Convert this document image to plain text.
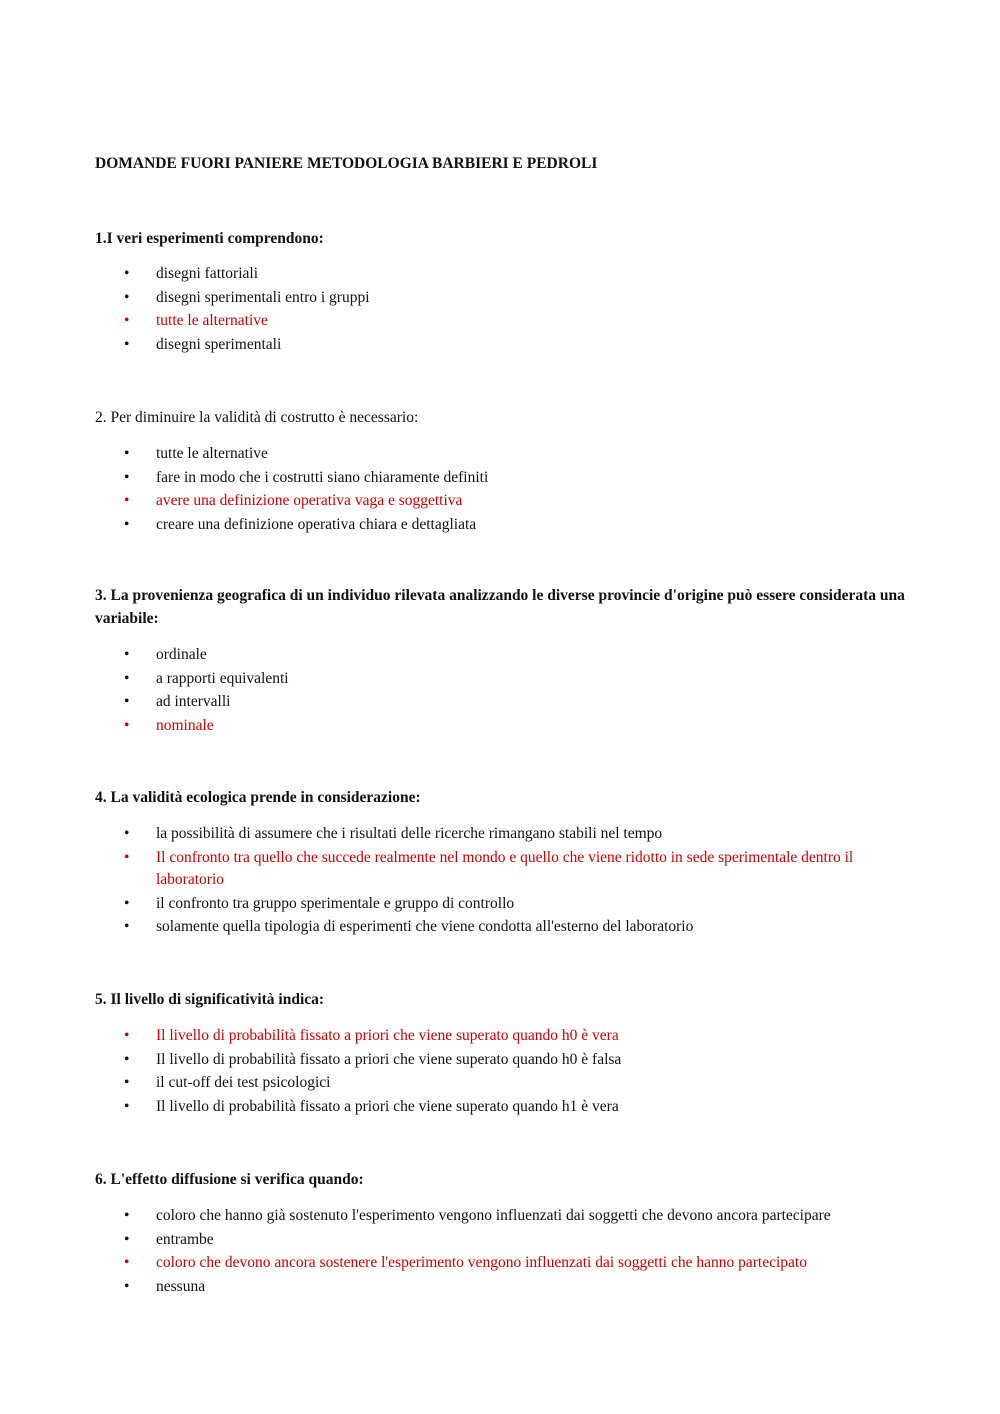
DOMANDE FUORI PANIERE METODOLOGIA BARBIERI E PEDROLI

1.I veri esperimenti comprendono:

• disegni fattoriali
• disegni sperimentali entro i gruppi
• tutte le alternative
• disegni sperimentali

2. Per diminuire la validità di costrutto è necessario:

• tutte le alternative
• fare in modo che i costrutti siano chiaramente definiti
• avere una definizione operativa vaga e soggettiva
• creare una definizione operativa chiara e dettagliata

3. La provenienza geografica di un individuo rilevata analizzando le diverse provincie d'origine può essere considerata una variabile:

• ordinale
• a rapporti equivalenti
• ad intervalli
• nominale

4. La validità ecologica prende in considerazione:

• la possibilità di assumere che i risultati delle ricerche rimangano stabili nel tempo
• Il confronto tra quello che succede realmente nel mondo e quello che viene ridotto in sede sperimentale dentro il laboratorio
• il confronto tra gruppo sperimentale e gruppo di controllo
• solamente quella tipologia di esperimenti che viene condotta all'esterno del laboratorio

5. Il livello di significatività indica:

• Il livello di probabilità fissato a priori che viene superato quando h0 è vera
• Il livello di probabilità fissato a priori che viene superato quando h0 è falsa
• il cut-off dei test psicologici
• Il livello di probabilità fissato a priori che viene superato quando h1 è vera

6. L'effetto diffusione si verifica quando:

• coloro che hanno già sostenuto l'esperimento vengono influenzati dai soggetti che devono ancora partecipare
• entrambe
• coloro che devono ancora sostenere l'esperimento vengono influenzati dai soggetti che hanno partecipato
• nessuna
